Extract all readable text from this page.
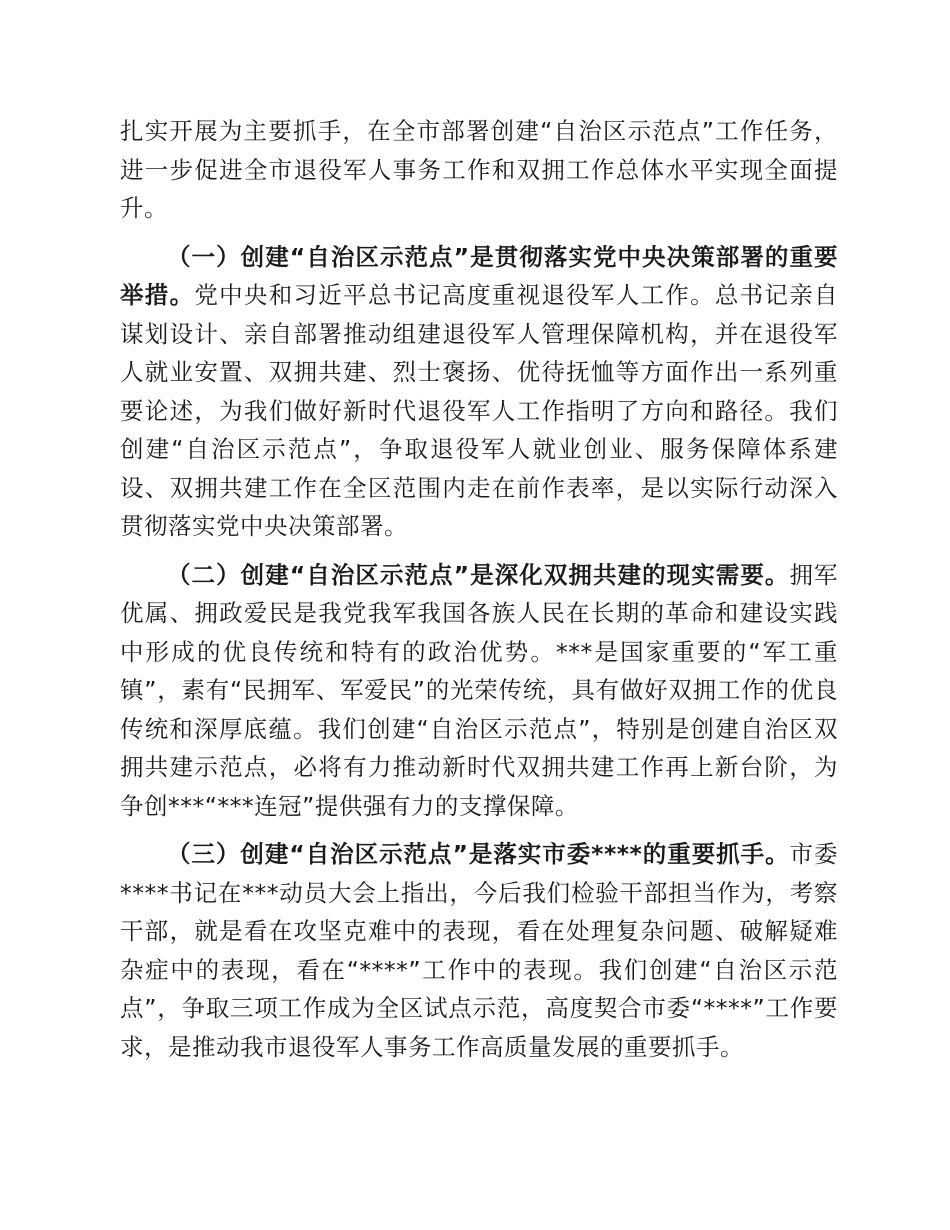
扎实开展为主要抓手，在全市部署创建“自治区示范点”工作任务，进一步促进全市退役军人事务工作和双拥工作总体水平实现全面提升。

（一）创建“自治区示范点”是贯彻落实党中央决策部署的重要举措。党中央和习近平总书记高度重视退役军人工作。总书记亲自谋划设计、亲自部署推动组建退役军人管理保障机构，并在退役军人就业安置、双拥共建、烈士褒扬、优待抚恤等方面作出一系列重要论述，为我们做好新时代退役军人工作指明了方向和路径。我们创建“自治区示范点”，争取退役军人就业创业、服务保障体系建设、双拥共建工作在全区范围内走在前作表率，是以实际行动深入贯彻落实党中央决策部署。

（二）创建“自治区示范点”是深化双拥共建的现实需要。拥军优属、拥政爱民是我党我军我国各族人民在长期的革命和建设实践中形成的优良传统和特有的政治优势。***是国家重要的“军工重镇”，素有“民拥军、军爱民”的光荣传统，具有做好双拥工作的优良传统和深厚底蕴。我们创建“自治区示范点”，特别是创建自治区双拥共建示范点，必将有力推动新时代双拥共建工作再上新台阶，为争创***“***连冠”提供强有力的支撑保障。

（三）创建“自治区示范点”是落实市委****的重要抓手。市委****书记在***动员大会上指出，今后我们检验干部担当作为，考察干部，就是看在攻坚克难中的表现，看在处理复杂问题、破解疑难杂症中的表现，看在“****”工作中的表现。我们创建“自治区示范点”，争取三项工作成为全区试点示范，高度契合市委“****”工作要求，是推动我市退役军人事务工作高质量发展的重要抓手。
